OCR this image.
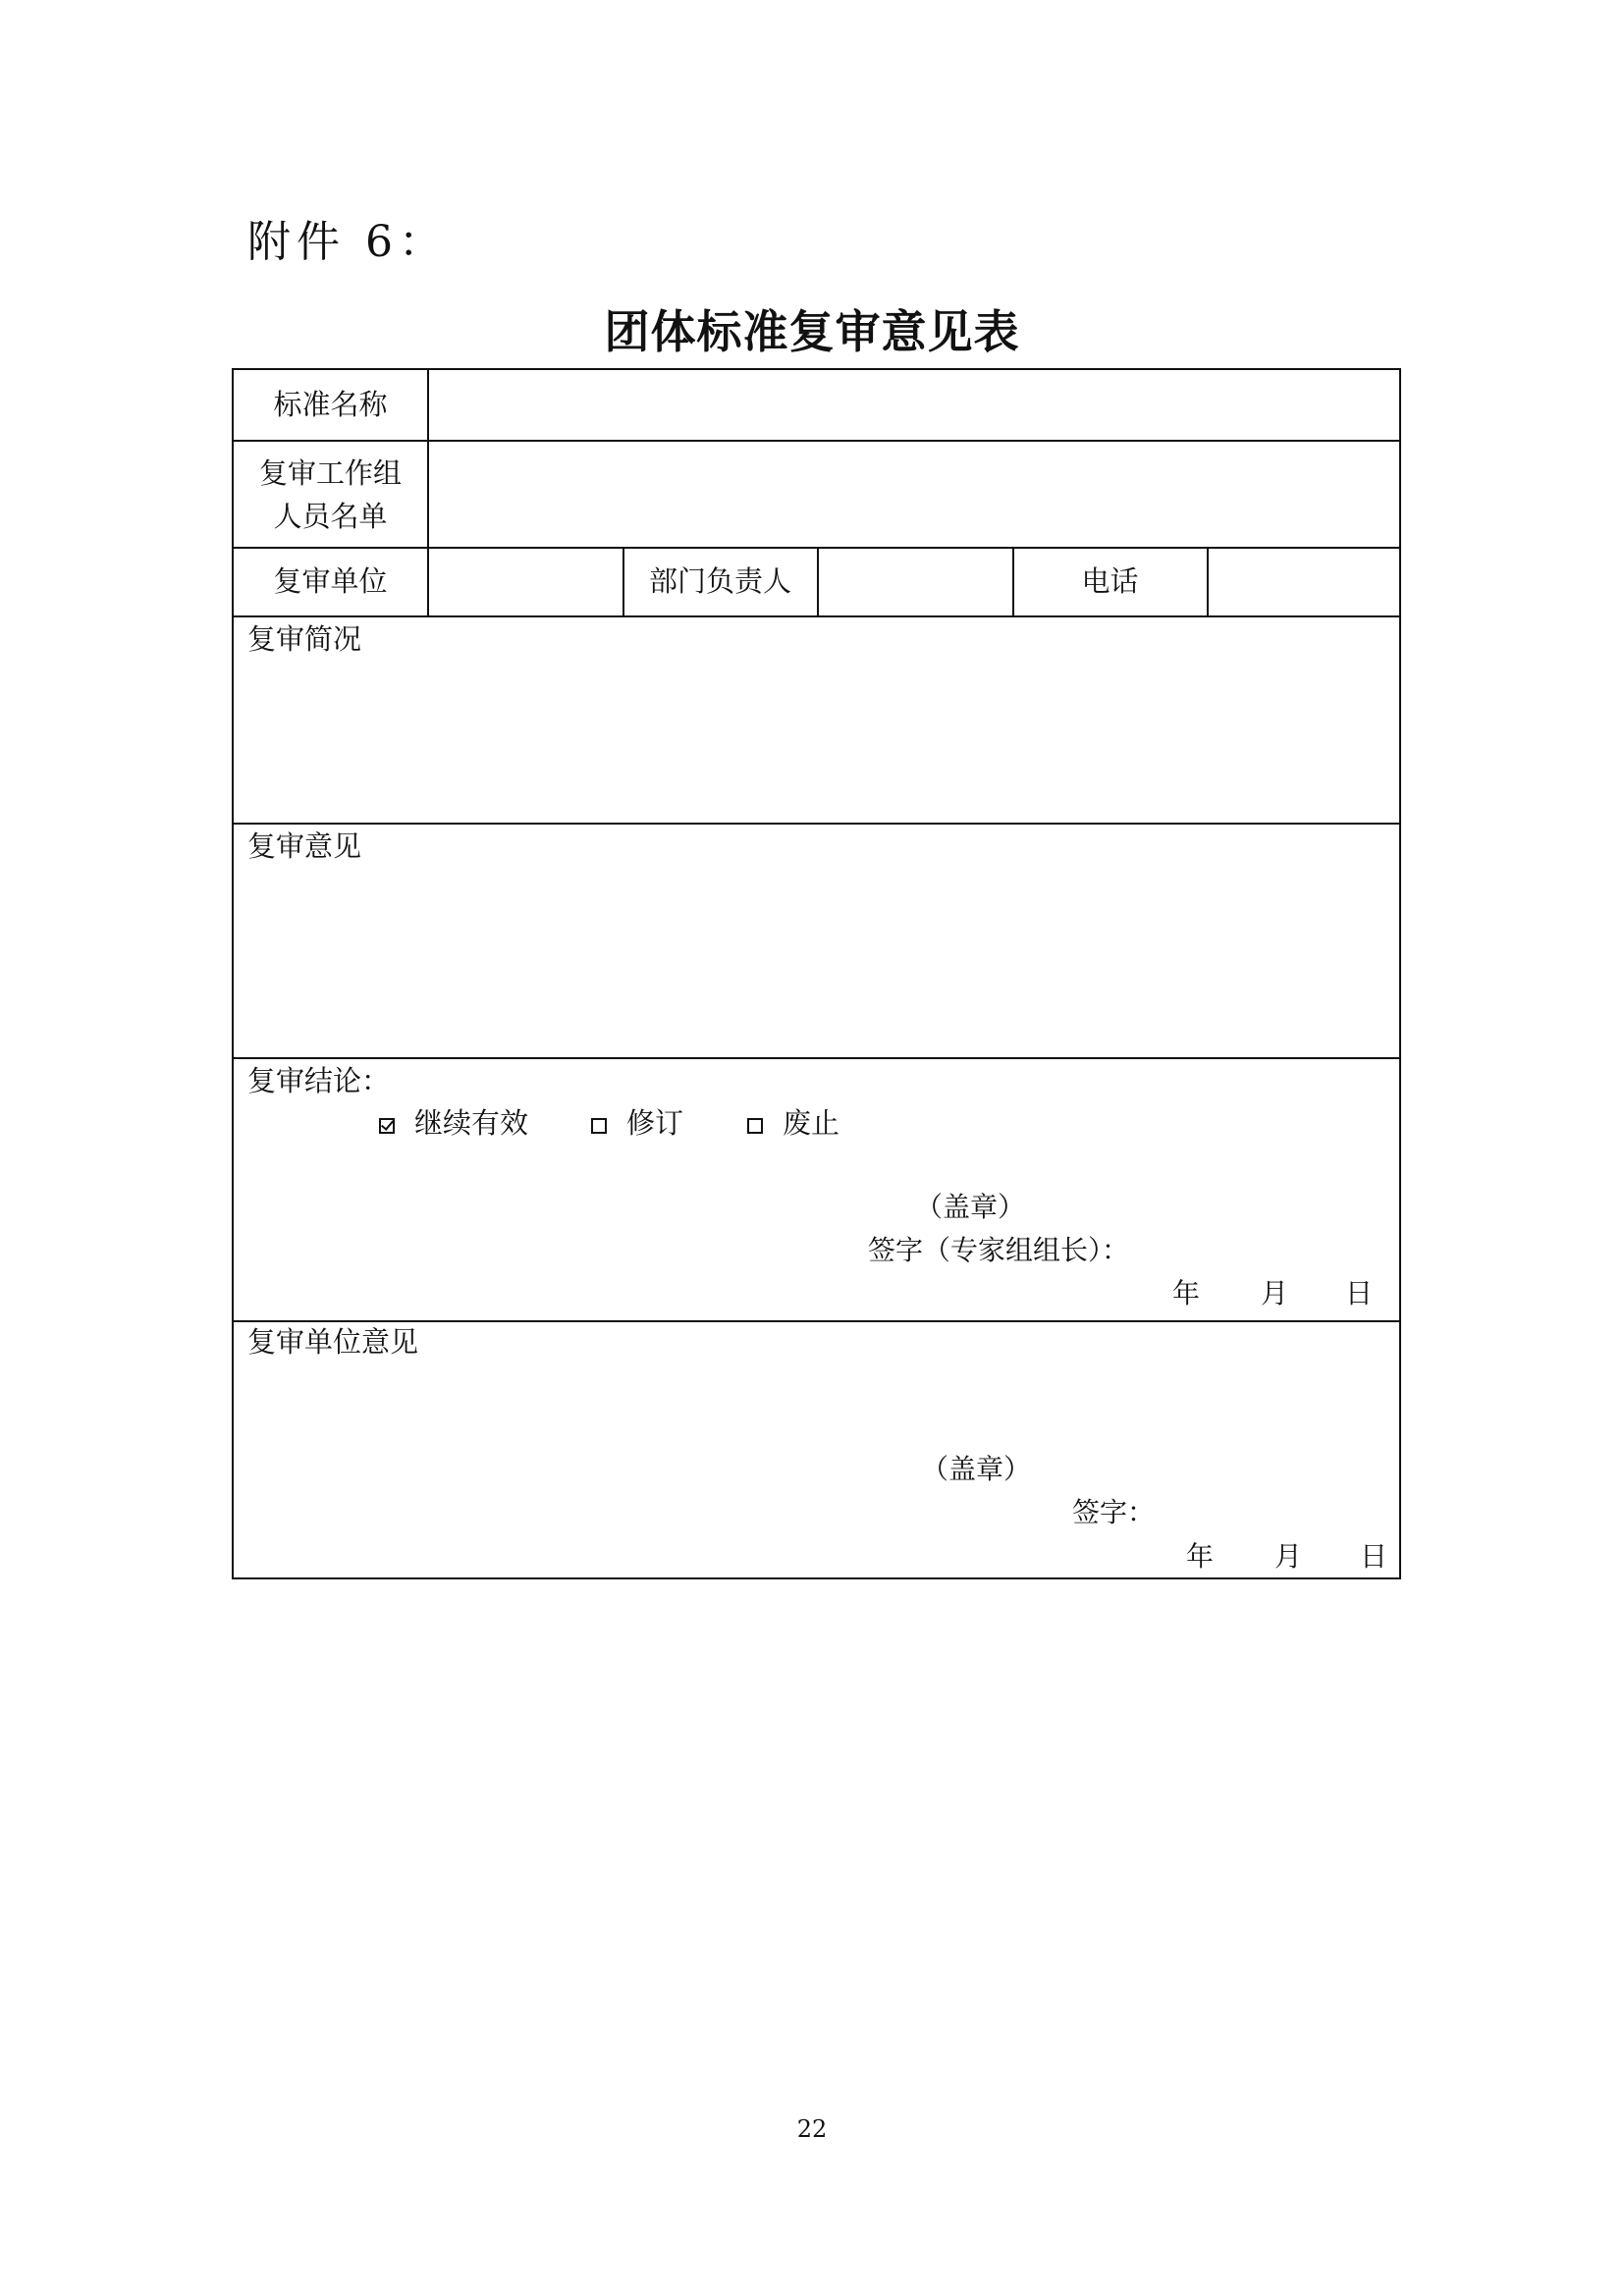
附件 6：
团体标准复审意见表
标准名称
复审工作组
人员名单
复审单位	部门负责人	电话
复审简况
复审意见
复审结论：
继续有效	修订	废止
（盖章）
签字（专家组组长）：
年 月 日
复审单位意见
（盖章）
签字：
年 月 日
22
